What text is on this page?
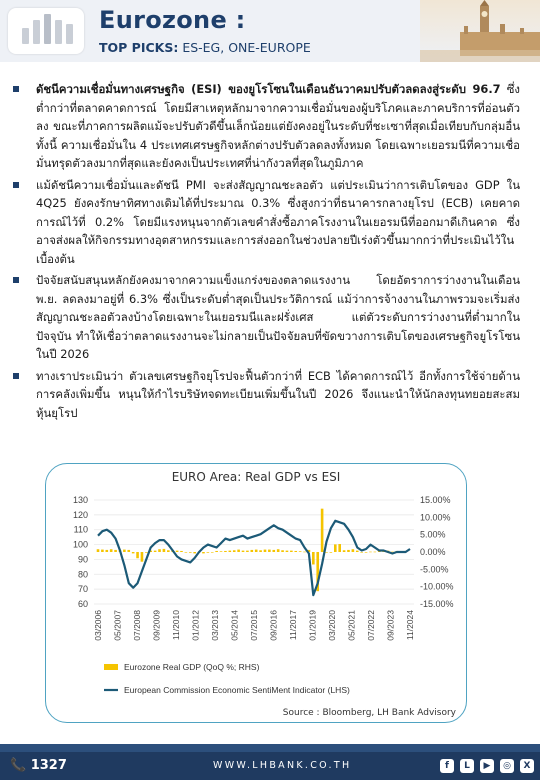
Eurozone :
TOP PICKS: ES-EG, ONE-EUROPE
ดัชนีความเชื่อมั่นทางเศรษฐกิจ (ESI) ของยูโรโซนในเดือนธันวาคมปรับตัวลดลงสู่ระดับ 96.7 ซึ่งต่ำกว่าที่ตลาดคาดการณ์ โดยมีสาเหตุหลักมาจากความเชื่อมั่นของผู้บริโภคและภาคบริการที่อ่อนตัวลง ขณะที่ภาคการผลิตแม้จะปรับตัวดีขึ้นเล็กน้อยแต่ยังคงอยู่ในระดับที่ชะเซาที่สุดเมื่อเทียบกับกลุ่มอื่น ทั้งนี้ ความเชื่อมั่นใน 4 ประเทศเศรษฐกิจหลักต่างปรับตัวลดลงทั้งหมด โดยเฉพาะเยอรมนีที่ความเชื่อมั่นทรุดตัวลงมากที่สุดและยังคงเป็นประเทศที่น่ากังวลที่สุดในภูมิภาค
แม้ดัชนีความเชื่อมั่นและดัชนี PMI จะส่งสัญญาณชะลอตัว แต่ประเมินว่าการเติบโตของ GDP ใน 4Q25 ยังคงรักษาทิศทางเดิมได้ที่ประมาณ 0.3% ซึ่งสูงกว่าที่ธนาคารกลางยุโรป (ECB) เคยคาดการณ์ไว้ที่ 0.2% โดยมีแรงหนุนจากตัวเลขคำสั่งซื้อภาคโรงงานในเยอรมนีที่ออกมาดีเกินคาด ซึ่งอาจส่งผลให้กิจกรรมทางอุตสาหกรรมและการส่งออกในช่วงปลายปีเร่งตัวขึ้นมากกว่าที่ประเมินไว้ในเบื้องต้น
ปัจจัยสนับสนุนหลักยังคงมาจากความแข็งแกร่งของตลาดแรงงาน โดยอัตราการว่างงานในเดือน พ.ย. ลดลงมาอยู่ที่ 6.3% ซึ่งเป็นระดับต่ำสุดเป็นประวัติการณ์ แม้ว่าการจ้างงานในภาพรวมจะเริ่มส่งสัญญาณชะลอตัวลงบ้างโดยเฉพาะในเยอรมนีและฝรั่งเศส แต่ตัวระดับการว่างงานที่ต่ำมากในปัจจุบัน ทำให้เชื่อว่าตลาดแรงงานจะไม่กลายเป็นปัจจัยลบที่ขัดขวางการเติบโตของเศรษฐกิจยูโรโซนในปี 2026
ทางเราประเมินว่า ตัวเลขเศรษฐกิจยุโรปจะฟื้นตัวกว่าที่ ECB ได้คาดการณ์ไว้ อีกทั้งการใช้จ่ายด้านการคลังเพิ่มขึ้น หนุนให้กำไรบริษัทจดทะเบียนเพิ่มขึ้นในปี 2026 จึงแนะนำให้นักลงทุนทยอยสะสมหุ้นยุโรป
EURO Area: Real GDP vs ESI
130
120
110
100
90
80
70
60
15.00%
10.00%
5.00%
0.00%
-5.00%
-10.00%
-15.00%
03/2006 05/2007 07/2008 09/2009 11/2010 01/2012 03/2013 05/2014 07/2015 09/2016 11/2017 01/2019 03/2020 05/2021 07/2022 09/2023 11/2024
Eurozone Real GDP (QoQ %; RHS)
European Commission Economic SentiMent Indicator (LHS)
Source : Bloomberg, LH Bank Advisory
📞 1327	WWW.LHBANK.CO.TH	f	L	▶	◎	X
